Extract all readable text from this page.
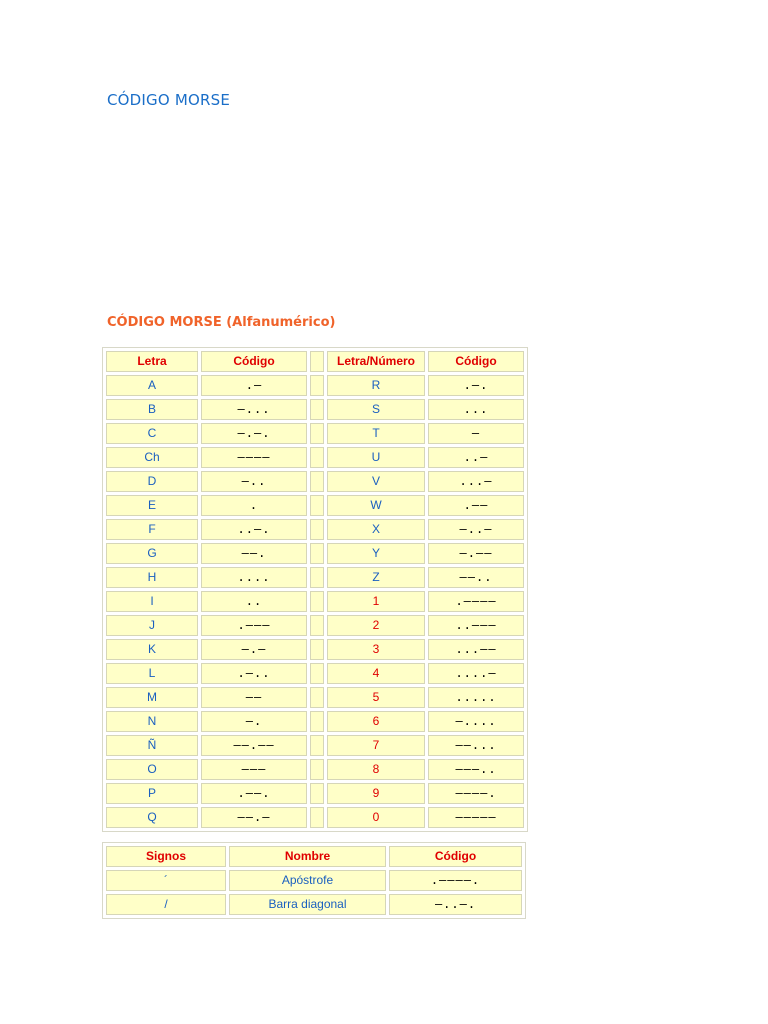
CÓDIGO MORSE
CÓDIGO MORSE (Alfanumérico)
Letra	Código		Letra/Número	Código
A	.–		R	.–.
B	–...		S	...
C	–.–.		T	–
Ch	––––		U	..–
D	–..		V	...–
E	.		W	.––
F	..–.		X	–..–
G	––.		Y	–.––
H	....		Z	––..
I	..		1	.––––
J	.–––		2	..–––
K	–.–		3	...––
L	.–..		4	....–
M	––		5	.....
N	–.		6	–....
Ñ	––.––		7	––...
O	–––		8	–––..
P	.––.		9	––––.
Q	––.–		0	–––––
Signos	Nombre	Código
´	Apóstrofe	.––––.
/	Barra diagonal	–..–.
